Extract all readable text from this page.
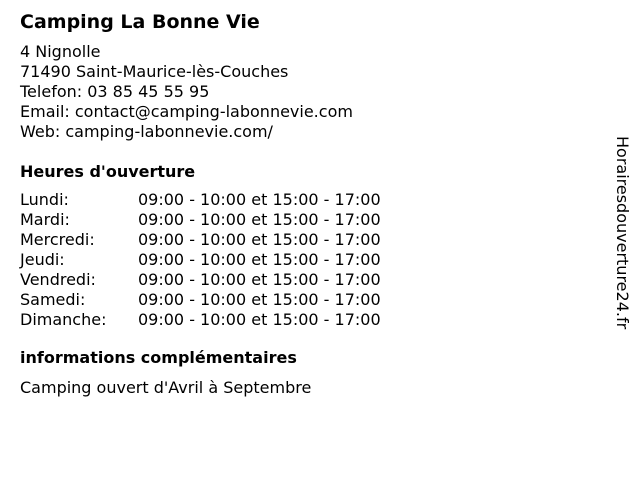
Camping La Bonne Vie
4 Nignolle
71490 Saint-Maurice-lès-Couches
Telefon: 03 85 45 55 95
Email: contact@camping-labonnevie.com
Web: camping-labonnevie.com/
Heures d'ouverture
Lundi:	09:00 - 10:00 et 15:00 - 17:00
Mardi:	09:00 - 10:00 et 15:00 - 17:00
Mercredi:	09:00 - 10:00 et 15:00 - 17:00
Jeudi:	09:00 - 10:00 et 15:00 - 17:00
Vendredi:	09:00 - 10:00 et 15:00 - 17:00
Samedi:	09:00 - 10:00 et 15:00 - 17:00
Dimanche:	09:00 - 10:00 et 15:00 - 17:00
informations complémentaires
Camping ouvert d'Avril à Septembre
Horairesdouverture24.fr
